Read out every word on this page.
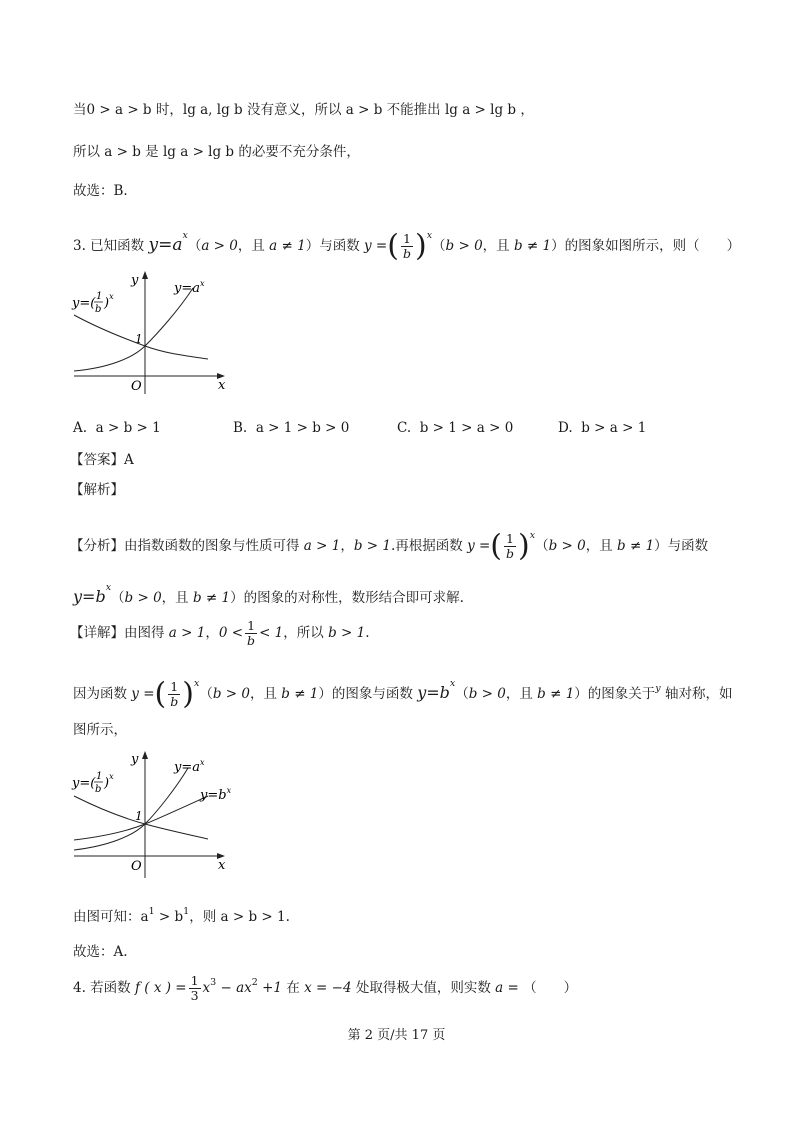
当0 > a > b 时，lg a, lg b 没有意义，所以 a > b 不能推出 lg a > lg b ，
所以 a > b 是 lg a > lg b 的必要不充分条件，
故选：B.
3. 已知函数 $y=a^x(a > 0$，且 a ≠ 1）与函数 y =( $\frac{1}{b} )^x(b > 0$，且 b ≠ 1）的图象如图所示，则（　　）
y
x
O
1
$y=a^x$
y=( 1
b )$^x$
A. a > b > 1	B. a > 1 > b > 0	C. b > 1 > a > 0	D. b > a > 1
【答案】A
【解析】
【分析】由指数函数的图象与性质可得 a > 1，b > 1.再根据函数 y =( $\frac{1}{b} )^x(b > 0$，且 b ≠ 1）与函数
$y=b^x(b > 0$，且 b ≠ 1）的图象的对称性，数形结合即可求解.
【详解】由图得 a > 1，$0 < \frac{1}{b} < 1$，所以 b > 1.
因为函数 y =( $\frac{1}{b} )^x(b > 0$，且 b ≠ 1）的图象与函数 $y=b^x(b > 0$，且 b ≠ 1）的图象关于$^y$ 轴对称，如
图所示，
y
x
O
1
$y=a^x$
$y=b^x$
y=( 1
b )$^x$
由图可知：$a^1 > b^1$，则 a > b > 1.
故选：A.
4. 若函数 f ( x ) = $\frac{1}{3} x^3 - ax^2 +1$ 在 x = −4 处取得极大值，则实数 a = （　　）
第 2 页/共 17 页
